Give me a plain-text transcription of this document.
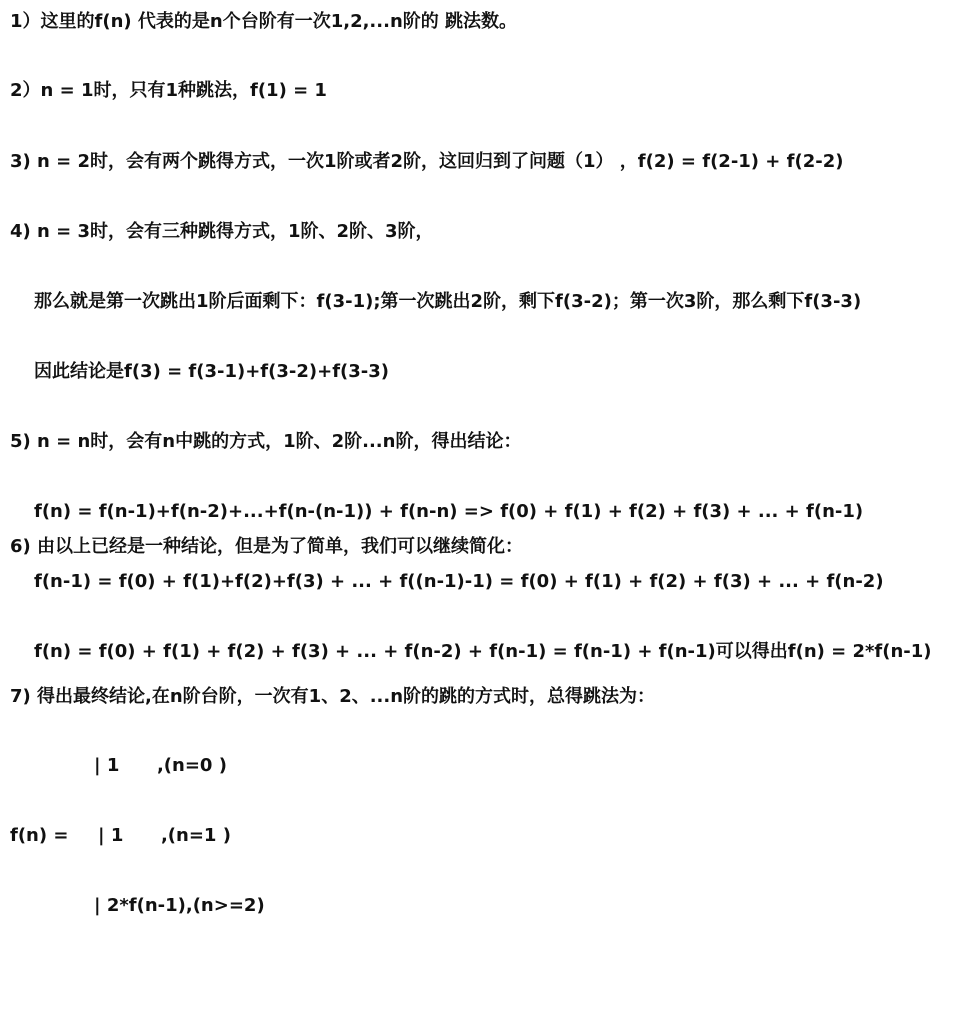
1）这里的f(n) 代表的是n个台阶有一次1,2,...n阶的 跳法数。

2）n = 1时，只有1种跳法，f(1) = 1

3) n = 2时，会有两个跳得方式，一次1阶或者2阶，这回归到了问题（1） ，f(2) = f(2-1) + f(2-2)

4) n = 3时，会有三种跳得方式，1阶、2阶、3阶，

那么就是第一次跳出1阶后面剩下：f(3-1);第一次跳出2阶，剩下f(3-2)；第一次3阶，那么剩下f(3-3)

因此结论是f(3) = f(3-1)+f(3-2)+f(3-3)

5) n = n时，会有n中跳的方式，1阶、2阶...n阶，得出结论：

f(n) = f(n-1)+f(n-2)+...+f(n-(n-1)) + f(n-n) => f(0) + f(1) + f(2) + f(3) + ... + f(n-1)

6) 由以上已经是一种结论，但是为了简单，我们可以继续简化：

f(n-1) = f(0) + f(1)+f(2)+f(3) + ... + f((n-1)-1) = f(0) + f(1) + f(2) + f(3) + ... + f(n-2)

f(n) = f(0) + f(1) + f(2) + f(3) + ... + f(n-2) + f(n-1) = f(n-1) + f(n-1)可以得出f(n) = 2*f(n-1)

7) 得出最终结论,在n阶台阶，一次有1、2、...n阶的跳的方式时，总得跳法为：

| 1      ,(n=0 )

f(n) = | 1      ,(n=1 )

| 2*f(n-1),(n>=2)
